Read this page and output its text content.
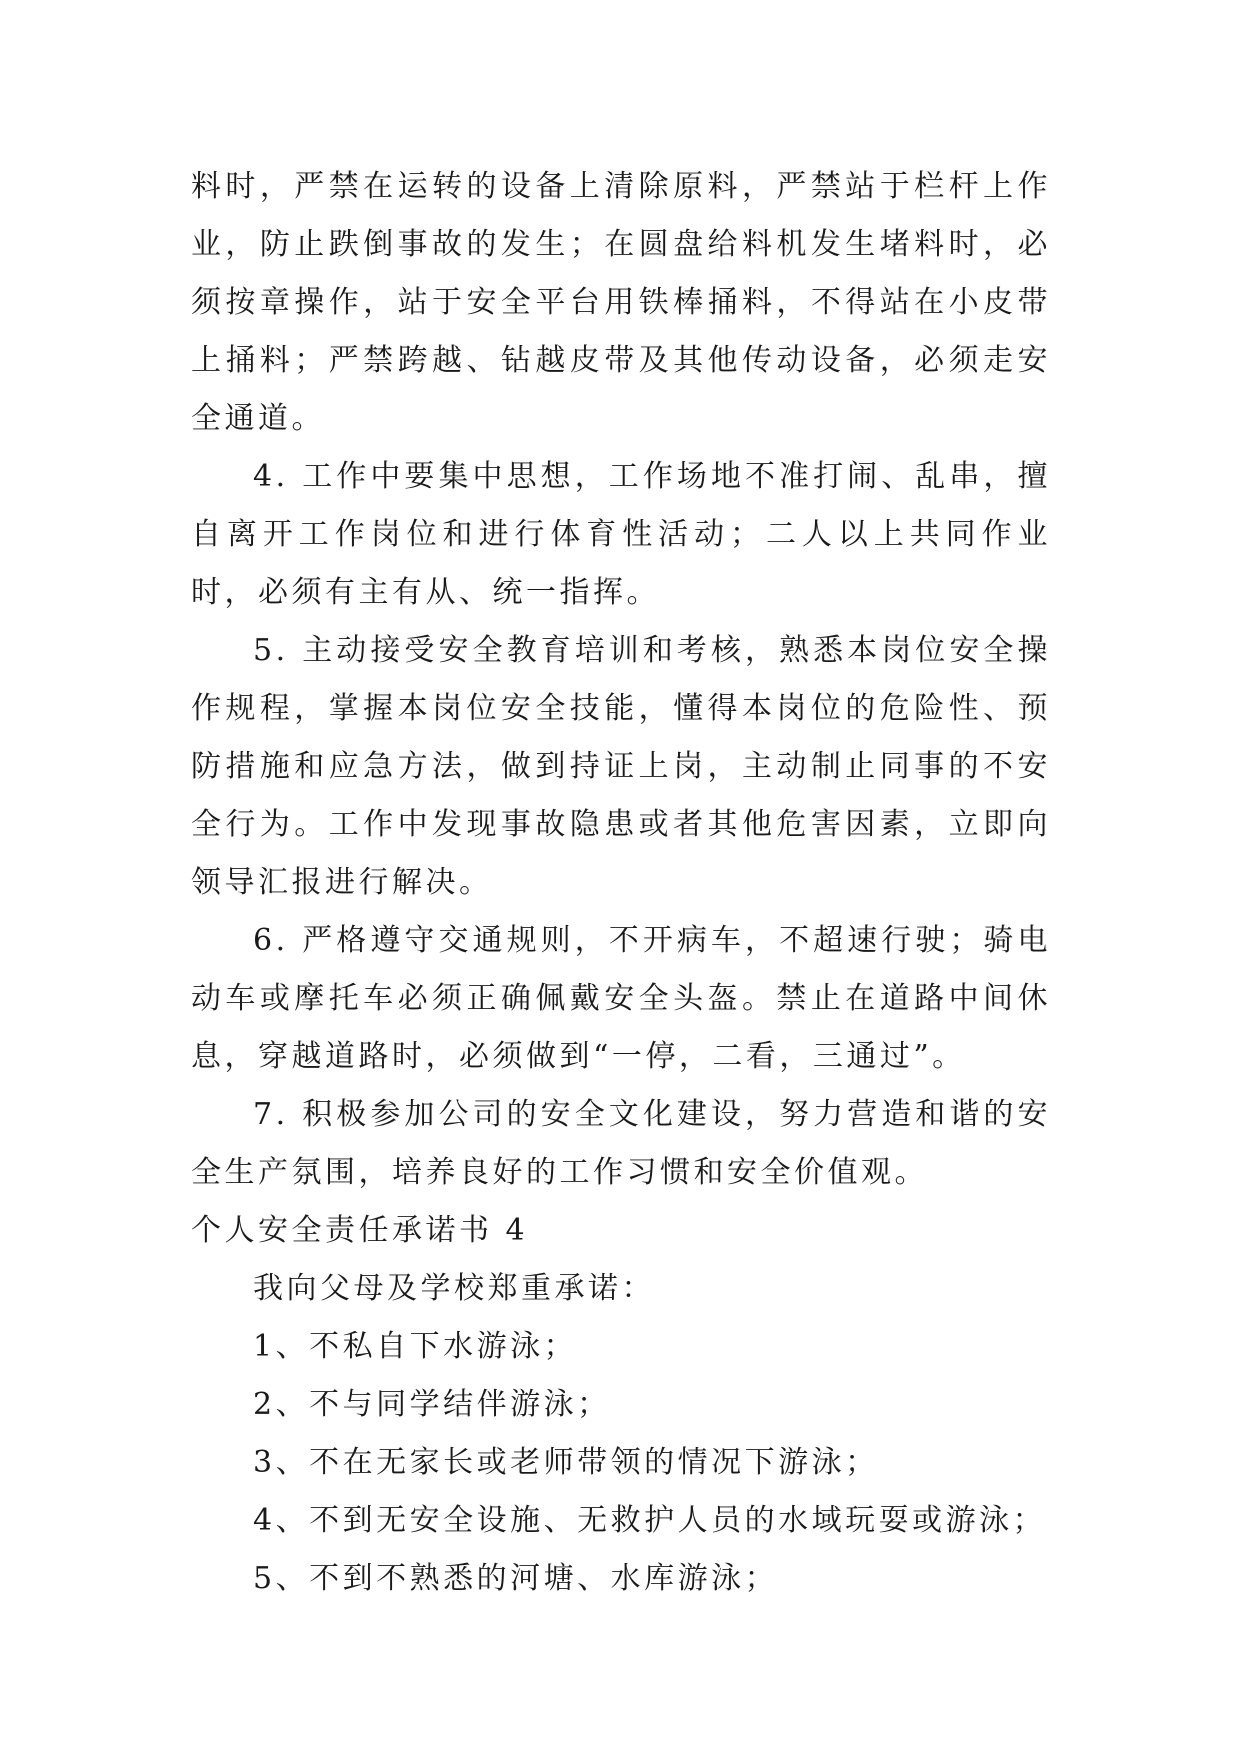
料时，严禁在运转的设备上清除原料，严禁站于栏杆上作业，防止跌倒事故的发生；在圆盘给料机发生堵料时，必须按章操作，站于安全平台用铁棒捅料，不得站在小皮带上捅料；严禁跨越、钻越皮带及其他传动设备，必须走安全通道。

4. 工作中要集中思想，工作场地不准打闹、乱串，擅自离开工作岗位和进行体育性活动；二人以上共同作业时，必须有主有从、统一指挥。

5. 主动接受安全教育培训和考核，熟悉本岗位安全操作规程，掌握本岗位安全技能，懂得本岗位的危险性、预防措施和应急方法，做到持证上岗，主动制止同事的不安全行为。工作中发现事故隐患或者其他危害因素，立即向领导汇报进行解决。

6. 严格遵守交通规则，不开病车，不超速行驶；骑电动车或摩托车必须正确佩戴安全头盔。禁止在道路中间休息，穿越道路时，必须做到“一停，二看，三通过”。

7. 积极参加公司的安全文化建设，努力营造和谐的安全生产氛围，培养良好的工作习惯和安全价值观。

个人安全责任承诺书 4

我向父母及学校郑重承诺：

1、不私自下水游泳；
2、不与同学结伴游泳；
3、不在无家长或老师带领的情况下游泳；
4、不到无安全设施、无救护人员的水域玩耍或游泳；
5、不到不熟悉的河塘、水库游泳；
